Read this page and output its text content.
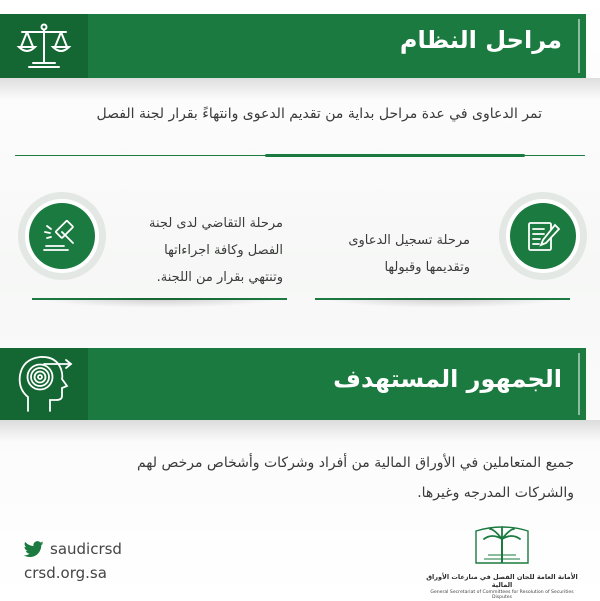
مراحل النظام
تمر الدعاوى في عدة مراحل بداية من تقديم الدعوى وانتهاءً بقرار لجنة الفصل
مرحلة تسجيل الدعاوى
وتقديمها وقبولها
مرحلة التقاضي لدى لجنة
الفصل وكافة اجراءاتها
وتنتهي بقرار من اللجنة.
الجمهور المستهدف
جميع المتعاملين في الأوراق المالية من أفراد وشركات وأشخاص مرخص لهم
والشركات المدرجه وغيرها.
saudicrsd
crsd.org.sa	الأمانة العامة للجان الفصل في منازعات الأوراق المالية
General Secretariat of Committees for Resolution of Securities Disputes
